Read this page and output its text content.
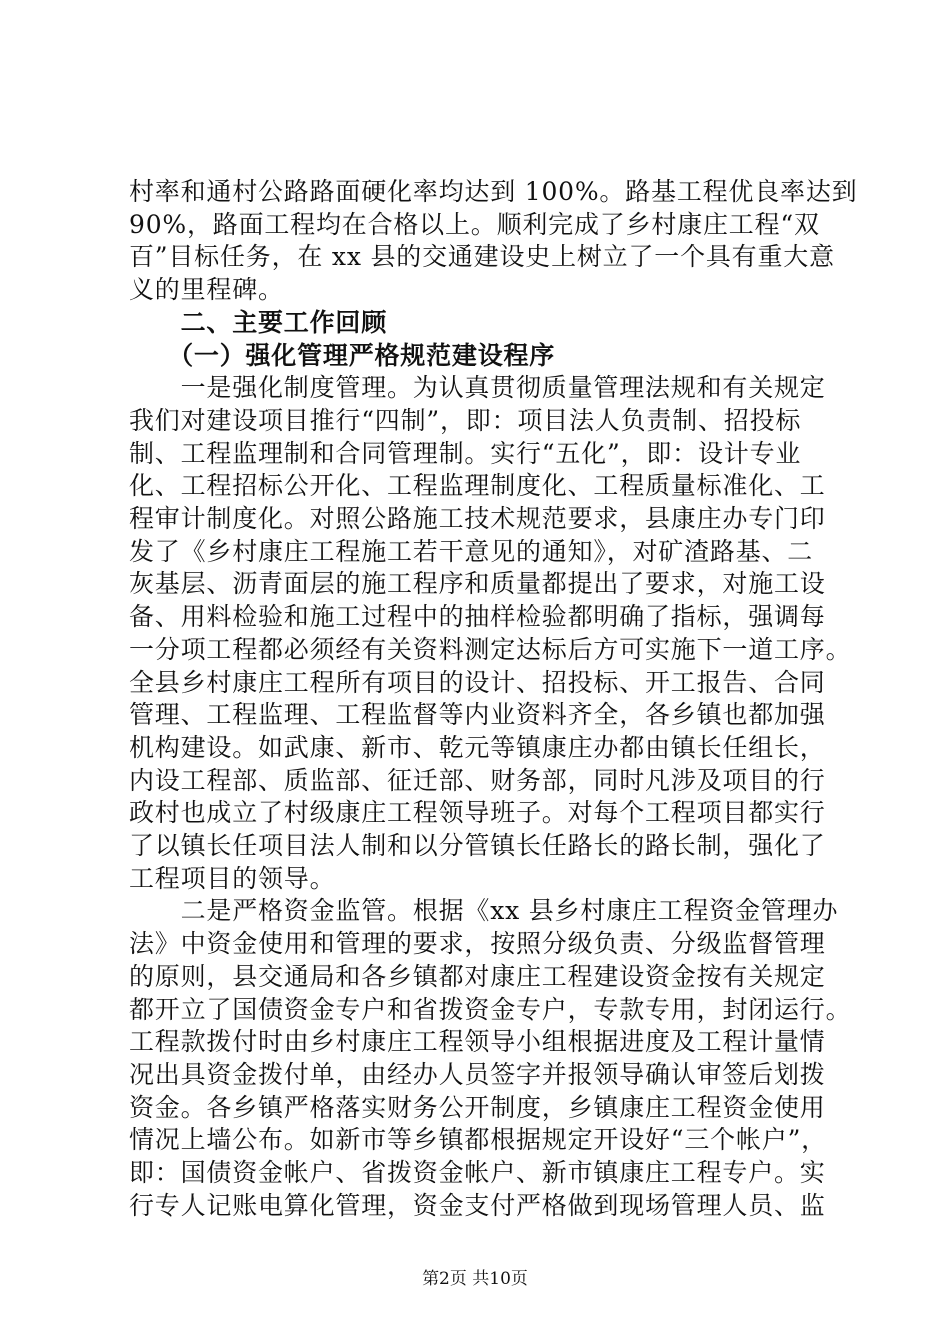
村率和通村公路路面硬化率均达到 100%。路基工程优良率达到
90%，路面工程均在合格以上。顺利完成了乡村康庄工程“双
百”目标任务，在 xx 县的交通建设史上树立了一个具有重大意
义的里程碑。
　　二、主要工作回顾
　　（一）强化管理严格规范建设程序
　　一是强化制度管理。为认真贯彻质量管理法规和有关规定
我们对建设项目推行“四制”，即：项目法人负责制、招投标
制、工程监理制和合同管理制。实行“五化”，即：设计专业
化、工程招标公开化、工程监理制度化、工程质量标准化、工
程审计制度化。对照公路施工技术规范要求，县康庄办专门印
发了《乡村康庄工程施工若干意见的通知》，对矿渣路基、二
灰基层、沥青面层的施工程序和质量都提出了要求，对施工设
备、用料检验和施工过程中的抽样检验都明确了指标，强调每
一分项工程都必须经有关资料测定达标后方可实施下一道工序。
全县乡村康庄工程所有项目的设计、招投标、开工报告、合同
管理、工程监理、工程监督等内业资料齐全，各乡镇也都加强
机构建设。如武康、新市、乾元等镇康庄办都由镇长任组长，
内设工程部、质监部、征迁部、财务部，同时凡涉及项目的行
政村也成立了村级康庄工程领导班子。对每个工程项目都实行
了以镇长任项目法人制和以分管镇长任路长的路长制，强化了
工程项目的领导。
　　二是严格资金监管。根据《xx 县乡村康庄工程资金管理办
法》中资金使用和管理的要求，按照分级负责、分级监督管理
的原则，县交通局和各乡镇都对康庄工程建设资金按有关规定
都开立了国债资金专户和省拨资金专户，专款专用，封闭运行。
工程款拨付时由乡村康庄工程领导小组根据进度及工程计量情
况出具资金拨付单，由经办人员签字并报领导确认审签后划拨
资金。各乡镇严格落实财务公开制度，乡镇康庄工程资金使用
情况上墙公布。如新市等乡镇都根据规定开设好“三个帐户”，
即：国债资金帐户、省拨资金帐户、新市镇康庄工程专户。实
行专人记账电算化管理，资金支付严格做到现场管理人员、监
第2页 共10页
